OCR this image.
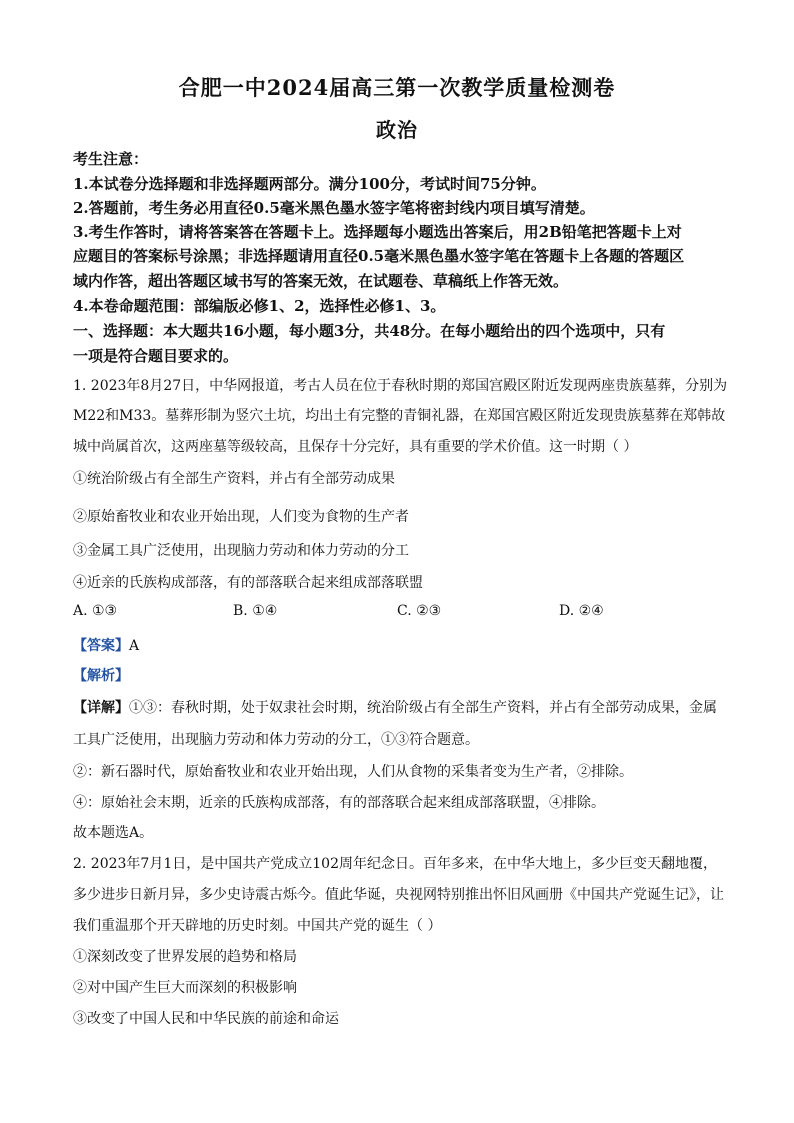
合肥一中2024届高三第一次教学质量检测卷
政治
考生注意：
1.本试卷分选择题和非选择题两部分。满分100分，考试时间75分钟。
2.答题前，考生务必用直径0.5毫米黑色墨水签字笔将密封线内项目填写清楚。
3.考生作答时，请将答案答在答题卡上。选择题每小题选出答案后，用2B铅笔把答题卡上对
应题目的答案标号涂黑；非选择题请用直径0.5毫米黑色墨水签字笔在答题卡上各题的答题区
域内作答，超出答题区域书写的答案无效，在试题卷、草稿纸上作答无效。
4.本卷命题范围：部编版必修1、2，选择性必修1、3。
一、选择题：本大题共16小题，每小题3分，共48分。在每小题给出的四个选项中，只有
一项是符合题目要求的。
1. 2023年8月27日，中华网报道，考古人员在位于春秋时期的郑国宫殿区附近发现两座贵族墓葬，分别为
M22和M33。墓葬形制为竖穴土坑，均出土有完整的青铜礼器，在郑国宫殿区附近发现贵族墓葬在郑韩故
城中尚属首次，这两座墓等级较高，且保存十分完好，具有重要的学术价值。这一时期（ ）
①统治阶级占有全部生产资料，并占有全部劳动成果
②原始畜牧业和农业开始出现，人们变为食物的生产者
③金属工具广泛使用，出现脑力劳动和体力劳动的分工
④近亲的氏族构成部落，有的部落联合起来组成部落联盟
A. ①③	B. ①④	C. ②③	D. ②④
【答案】A
【解析】
【详解】①③：春秋时期，处于奴隶社会时期，统治阶级占有全部生产资料，并占有全部劳动成果，金属
工具广泛使用，出现脑力劳动和体力劳动的分工，①③符合题意。
②：新石器时代，原始畜牧业和农业开始出现，人们从食物的采集者变为生产者，②排除。
④：原始社会末期，近亲的氏族构成部落，有的部落联合起来组成部落联盟，④排除。
故本题选A。
2. 2023年7月1日，是中国共产党成立102周年纪念日。百年多来，在中华大地上，多少巨变天翻地覆，
多少进步日新月异，多少史诗震古烁今。值此华诞，央视网特别推出怀旧风画册《中国共产党诞生记》，让
我们重温那个开天辟地的历史时刻。中国共产党的诞生（ ）
①深刻改变了世界发展的趋势和格局
②对中国产生巨大而深刻的积极影响
③改变了中国人民和中华民族的前途和命运
